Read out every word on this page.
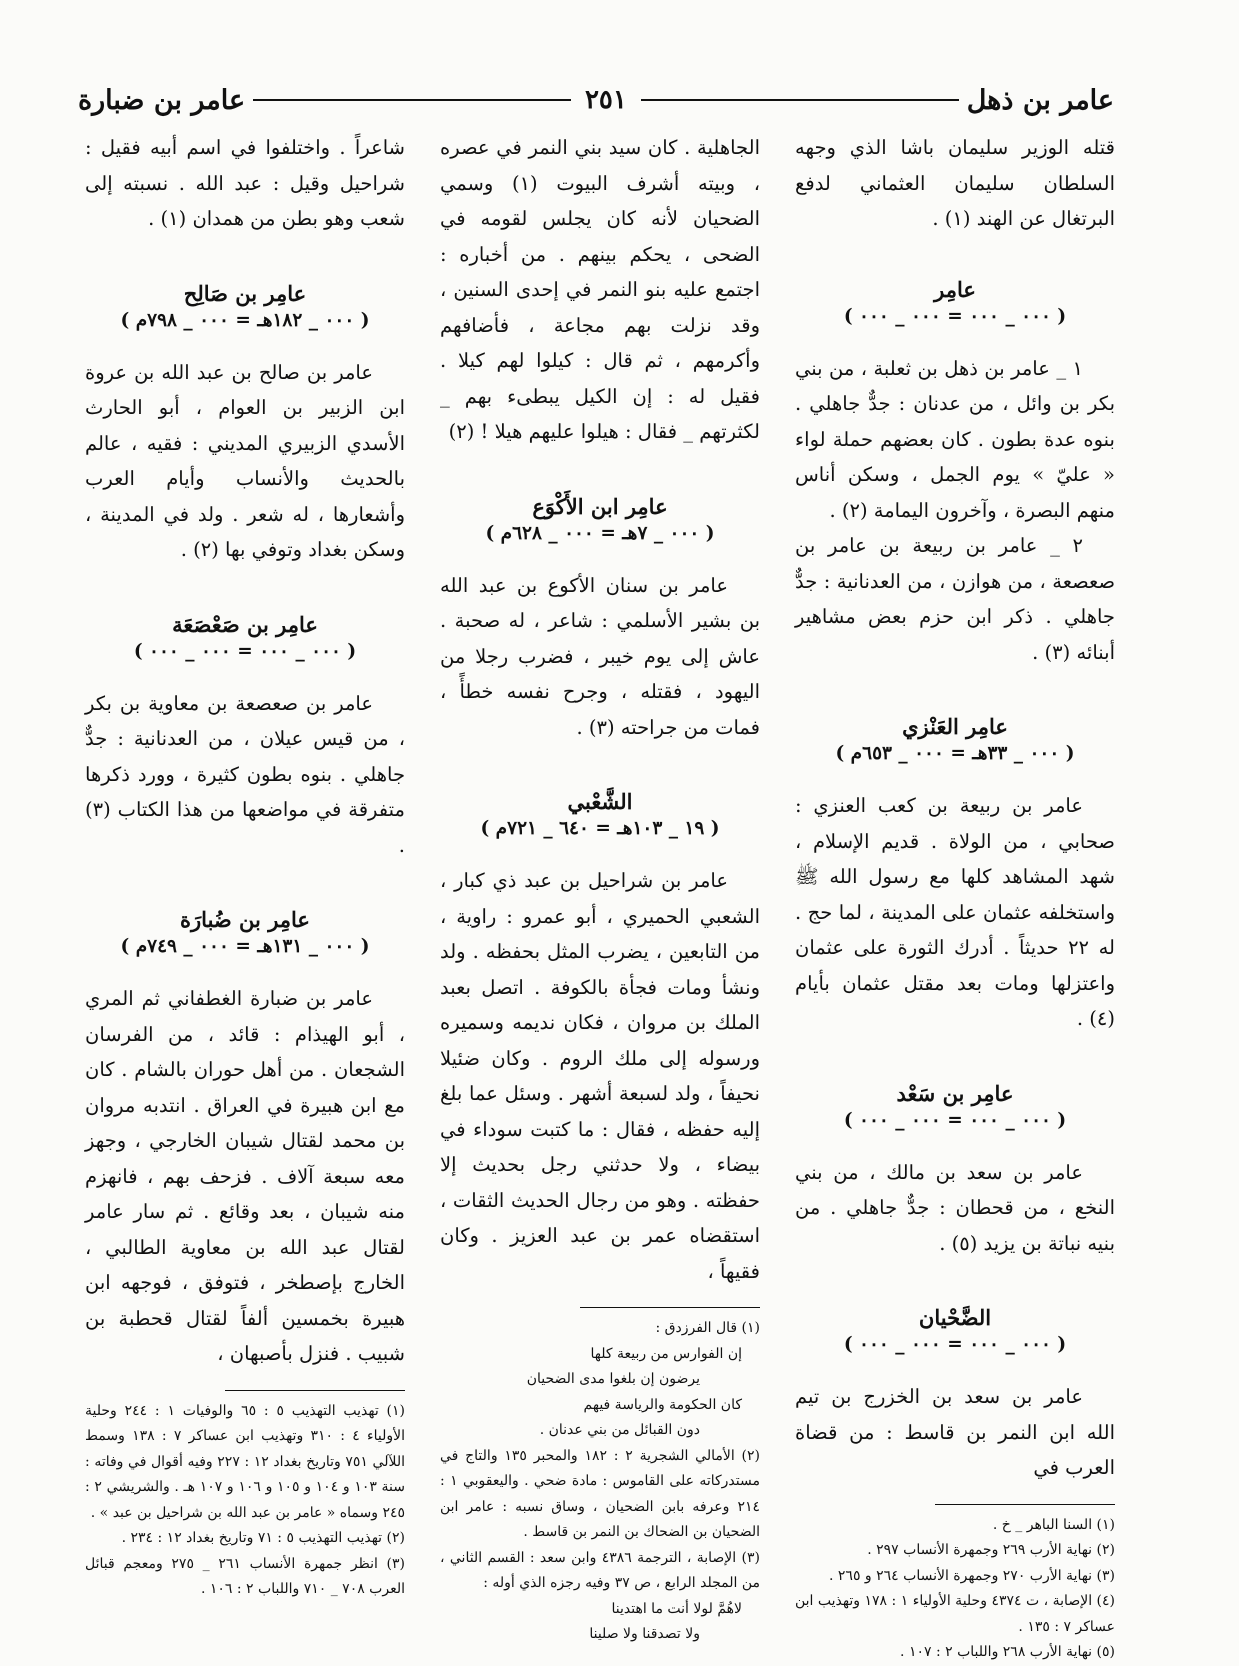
عامر بن ذهل
٢٥١
عامر بن ضبارة

قتله الوزير سليمان باشا الذي وجهه السلطان سليمان العثماني لدفع البرتغال عن الهند (١) .

عامِر
( ٠٠٠ _ ٠٠٠ = ٠٠٠ _ ٠٠٠ )

١ _ عامر بن ذهل بن ثعلبة ، من بني بكر بن وائل ، من عدنان : جدٌّ جاهلي . بنوه عدة بطون . كان بعضهم حملة لواء « عليّ » يوم الجمل ، وسكن أناس منهم البصرة ، وآخرون اليمامة (٢) .

٢ _ عامر بن ربيعة بن عامر بن صعصعة ، من هوازن ، من العدنانية : جدٌّ جاهلي . ذكر ابن حزم بعض مشاهير أبنائه (٣) .

عامِر العَنْزي
( ٠٠٠ _ ٣٣هـ = ٠٠٠ _ ٦٥٣م )

عامر بن ربيعة بن كعب العنزي : صحابي ، من الولاة . قديم الإسلام ، شهد المشاهد كلها مع رسول الله ﷺ واستخلفه عثمان على المدينة ، لما حج . له ٢٢ حديثاً . أدرك الثورة على عثمان واعتزلها ومات بعد مقتل عثمان بأيام (٤) .

عامِر بن سَعْد
( ٠٠٠ _ ٠٠٠ = ٠٠٠ _ ٠٠٠ )

عامر بن سعد بن مالك ، من بني النخع ، من قحطان : جدٌّ جاهلي . من بنيه نباتة بن يزيد (٥) .

الضَّحْيان
( ٠٠٠ _ ٠٠٠ = ٠٠٠ _ ٠٠٠ )

عامر بن سعد بن الخزرج بن تيم الله ابن النمر بن قاسط : من قضاة العرب في

(١) السنا الباهر _ خ .

(٢) نهاية الأرب ٢٦٩ وجمهرة الأنساب ٢٩٧ .

(٣) نهاية الأرب ٢٧٠ وجمهرة الأنساب ٢٦٤ و ٢٦٥ .

(٤) الإصابة ، ت ٤٣٧٤ وحلية الأولياء ١ : ١٧٨ وتهذيب ابن عساكر ٧ : ١٣٥ .

(٥) نهاية الأرب ٢٦٨ واللباب ٢ : ١٠٧ .

الجاهلية . كان سيد بني النمر في عصره ، وبيته أشرف البيوت (١) وسمي الضحيان لأنه كان يجلس لقومه في الضحى ، يحكم بينهم . من أخباره : اجتمع عليه بنو النمر في إحدى السنين ، وقد نزلت بهم مجاعة ، فأضافهم وأكرمهم ، ثم قال : كيلوا لهم كيلا . فقيل له : إن الكيل يبطىء بهم _ لكثرتهم _ فقال : هيلوا عليهم هيلا ! (٢)

عامِر ابن الأَكْوَع
( ٠٠٠ _ ٧هـ = ٠٠٠ _ ٦٢٨م )

عامر بن سنان الأكوع بن عبد الله بن بشير الأسلمي : شاعر ، له صحبة . عاش إلى يوم خيبر ، فضرب رجلا من اليهود ، فقتله ، وجرح نفسه خطأً ، فمات من جراحته (٣) .

الشَّعْبي
( ١٩ _ ١٠٣هـ = ٦٤٠ _ ٧٢١م )

عامر بن شراحيل بن عبد ذي كبار ، الشعبي الحميري ، أبو عمرو : راوية ، من التابعين ، يضرب المثل بحفظه . ولد ونشأ ومات فجأة بالكوفة . اتصل بعبد الملك بن مروان ، فكان نديمه وسميره ورسوله إلى ملك الروم . وكان ضئيلا نحيفاً ، ولد لسبعة أشهر . وسئل عما بلغ إليه حفظه ، فقال : ما كتبت سوداء في بيضاء ، ولا حدثني رجل بحديث إلا حفظته . وهو من رجال الحديث الثقات ، استقضاه عمر بن عبد العزيز . وكان فقيهاً ،

(١) قال الفرزدق :

إن الفوارس من ربيعة كلها

يرضون إن بلغوا مدى الضحيان

كان الحكومة والرياسة فيهم

دون القبائل من بني عدنان .

(٢) الأمالي الشجرية ٢ : ١٨٢ والمحبر ١٣٥ والتاج في مستدركاته على القاموس : مادة ضحي . واليعقوبي ١ : ٢١٤ وعرفه بابن الضحيان ، وساق نسبه : عامر ابن الضحيان بن الضحاك بن النمر بن قاسط .

(٣) الإصابة ، الترجمة ٤٣٨٦ وابن سعد : القسم الثاني ، من المجلد الرابع ، ص ٣٧ وفيه رجزه الذي أوله :

لاهُمَّ لولا أنت ما اهتدينا

ولا تصدقنا ولا صلينا

شاعراً . واختلفوا في اسم أبيه فقيل : شراحيل وقيل : عبد الله . نسبته إلى شعب وهو بطن من همدان (١) .

عامِر بن صَالِح
( ٠٠٠ _ ١٨٢هـ = ٠٠٠ _ ٧٩٨م )

عامر بن صالح بن عبد الله بن عروة ابن الزبير بن العوام ، أبو الحارث الأسدي الزبيري المديني : فقيه ، عالم بالحديث والأنساب وأيام العرب وأشعارها ، له شعر . ولد في المدينة ، وسكن بغداد وتوفي بها (٢) .

عامِر بن صَعْصَعَة
( ٠٠٠ _ ٠٠٠ = ٠٠٠ _ ٠٠٠ )

عامر بن صعصعة بن معاوية بن بكر ، من قيس عيلان ، من العدنانية : جدٌّ جاهلي . بنوه بطون كثيرة ، وورد ذكرها متفرقة في مواضعها من هذا الكتاب (٣) .

عامِر بن ضُبارَة
( ٠٠٠ _ ١٣١هـ = ٠٠٠ _ ٧٤٩م )

عامر بن ضبارة الغطفاني ثم المري ، أبو الهيذام : قائد ، من الفرسان الشجعان . من أهل حوران بالشام . كان مع ابن هبيرة في العراق . انتدبه مروان بن محمد لقتال شيبان الخارجي ، وجهز معه سبعة آلاف . فزحف بهم ، فانهزم منه شيبان ، بعد وقائع . ثم سار عامر لقتال عبد الله بن معاوية الطالبي ، الخارج بإصطخر ، فتوفق ، فوجهه ابن هبيرة بخمسين ألفاً لقتال قحطبة بن شبيب . فنزل بأصبهان ،

(١) تهذيب التهذيب ٥ : ٦٥ والوفيات ١ : ٢٤٤ وحلية الأولياء ٤ : ٣١٠ وتهذيب ابن عساكر ٧ : ١٣٨ وسمط اللآلي ٧٥١ وتاريخ بغداد ١٢ : ٢٢٧ وفيه أقوال في وفاته : سنة ١٠٣ و ١٠٤ و ١٠٥ و ١٠٦ و ١٠٧ هـ . والشريشي ٢ : ٢٤٥ وسماه « عامر بن عبد الله بن شراحيل بن عبد » .

(٢) تهذيب التهذيب ٥ : ٧١ وتاريخ بغداد ١٢ : ٢٣٤ .

(٣) انظر جمهرة الأنساب ٢٦١ _ ٢٧٥ ومعجم قبائل العرب ٧٠٨ _ ٧١٠ واللباب ٢ : ١٠٦ .
